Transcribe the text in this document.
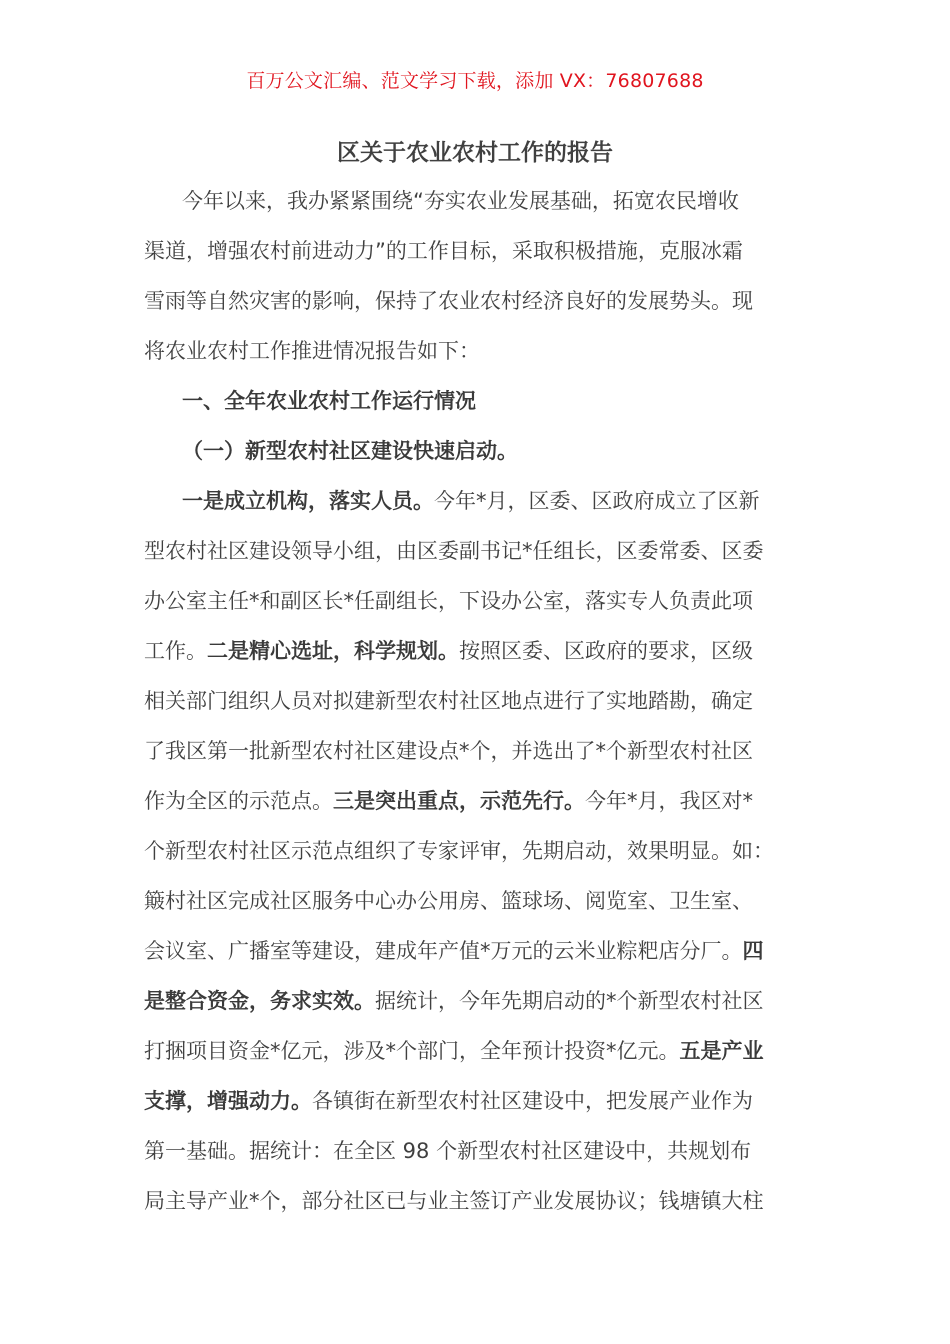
百万公文汇编、范文学习下载，添加 VX：76807688
区关于农业农村工作的报告
今年以来，我办紧紧围绕“夯实农业发展基础，拓宽农民增收
渠道，增强农村前进动力”的工作目标，采取积极措施，克服冰霜
雪雨等自然灾害的影响，保持了农业农村经济良好的发展势头。现
将农业农村工作推进情况报告如下：
一、全年农业农村工作运行情况
（一）新型农村社区建设快速启动。
一是成立机构，落实人员。今年*月，区委、区政府成立了区新
型农村社区建设领导小组，由区委副书记*任组长，区委常委、区委
办公室主任*和副区长*任副组长，下设办公室，落实专人负责此项
工作。二是精心选址，科学规划。按照区委、区政府的要求，区级
相关部门组织人员对拟建新型农村社区地点进行了实地踏勘，确定
了我区第一批新型农村社区建设点*个，并选出了*个新型农村社区
作为全区的示范点。三是突出重点，示范先行。今年*月，我区对*
个新型农村社区示范点组织了专家评审，先期启动，效果明显。如：
簸村社区完成社区服务中心办公用房、篮球场、阅览室、卫生室、
会议室、广播室等建设，建成年产值*万元的云米业粽粑店分厂。四
是整合资金，务求实效。据统计，今年先期启动的*个新型农村社区
打捆项目资金*亿元，涉及*个部门，全年预计投资*亿元。五是产业
支撑，增强动力。各镇街在新型农村社区建设中，把发展产业作为
第一基础。据统计：在全区 98 个新型农村社区建设中，共规划布
局主导产业*个，部分社区已与业主签订产业发展协议；钱塘镇大柱
